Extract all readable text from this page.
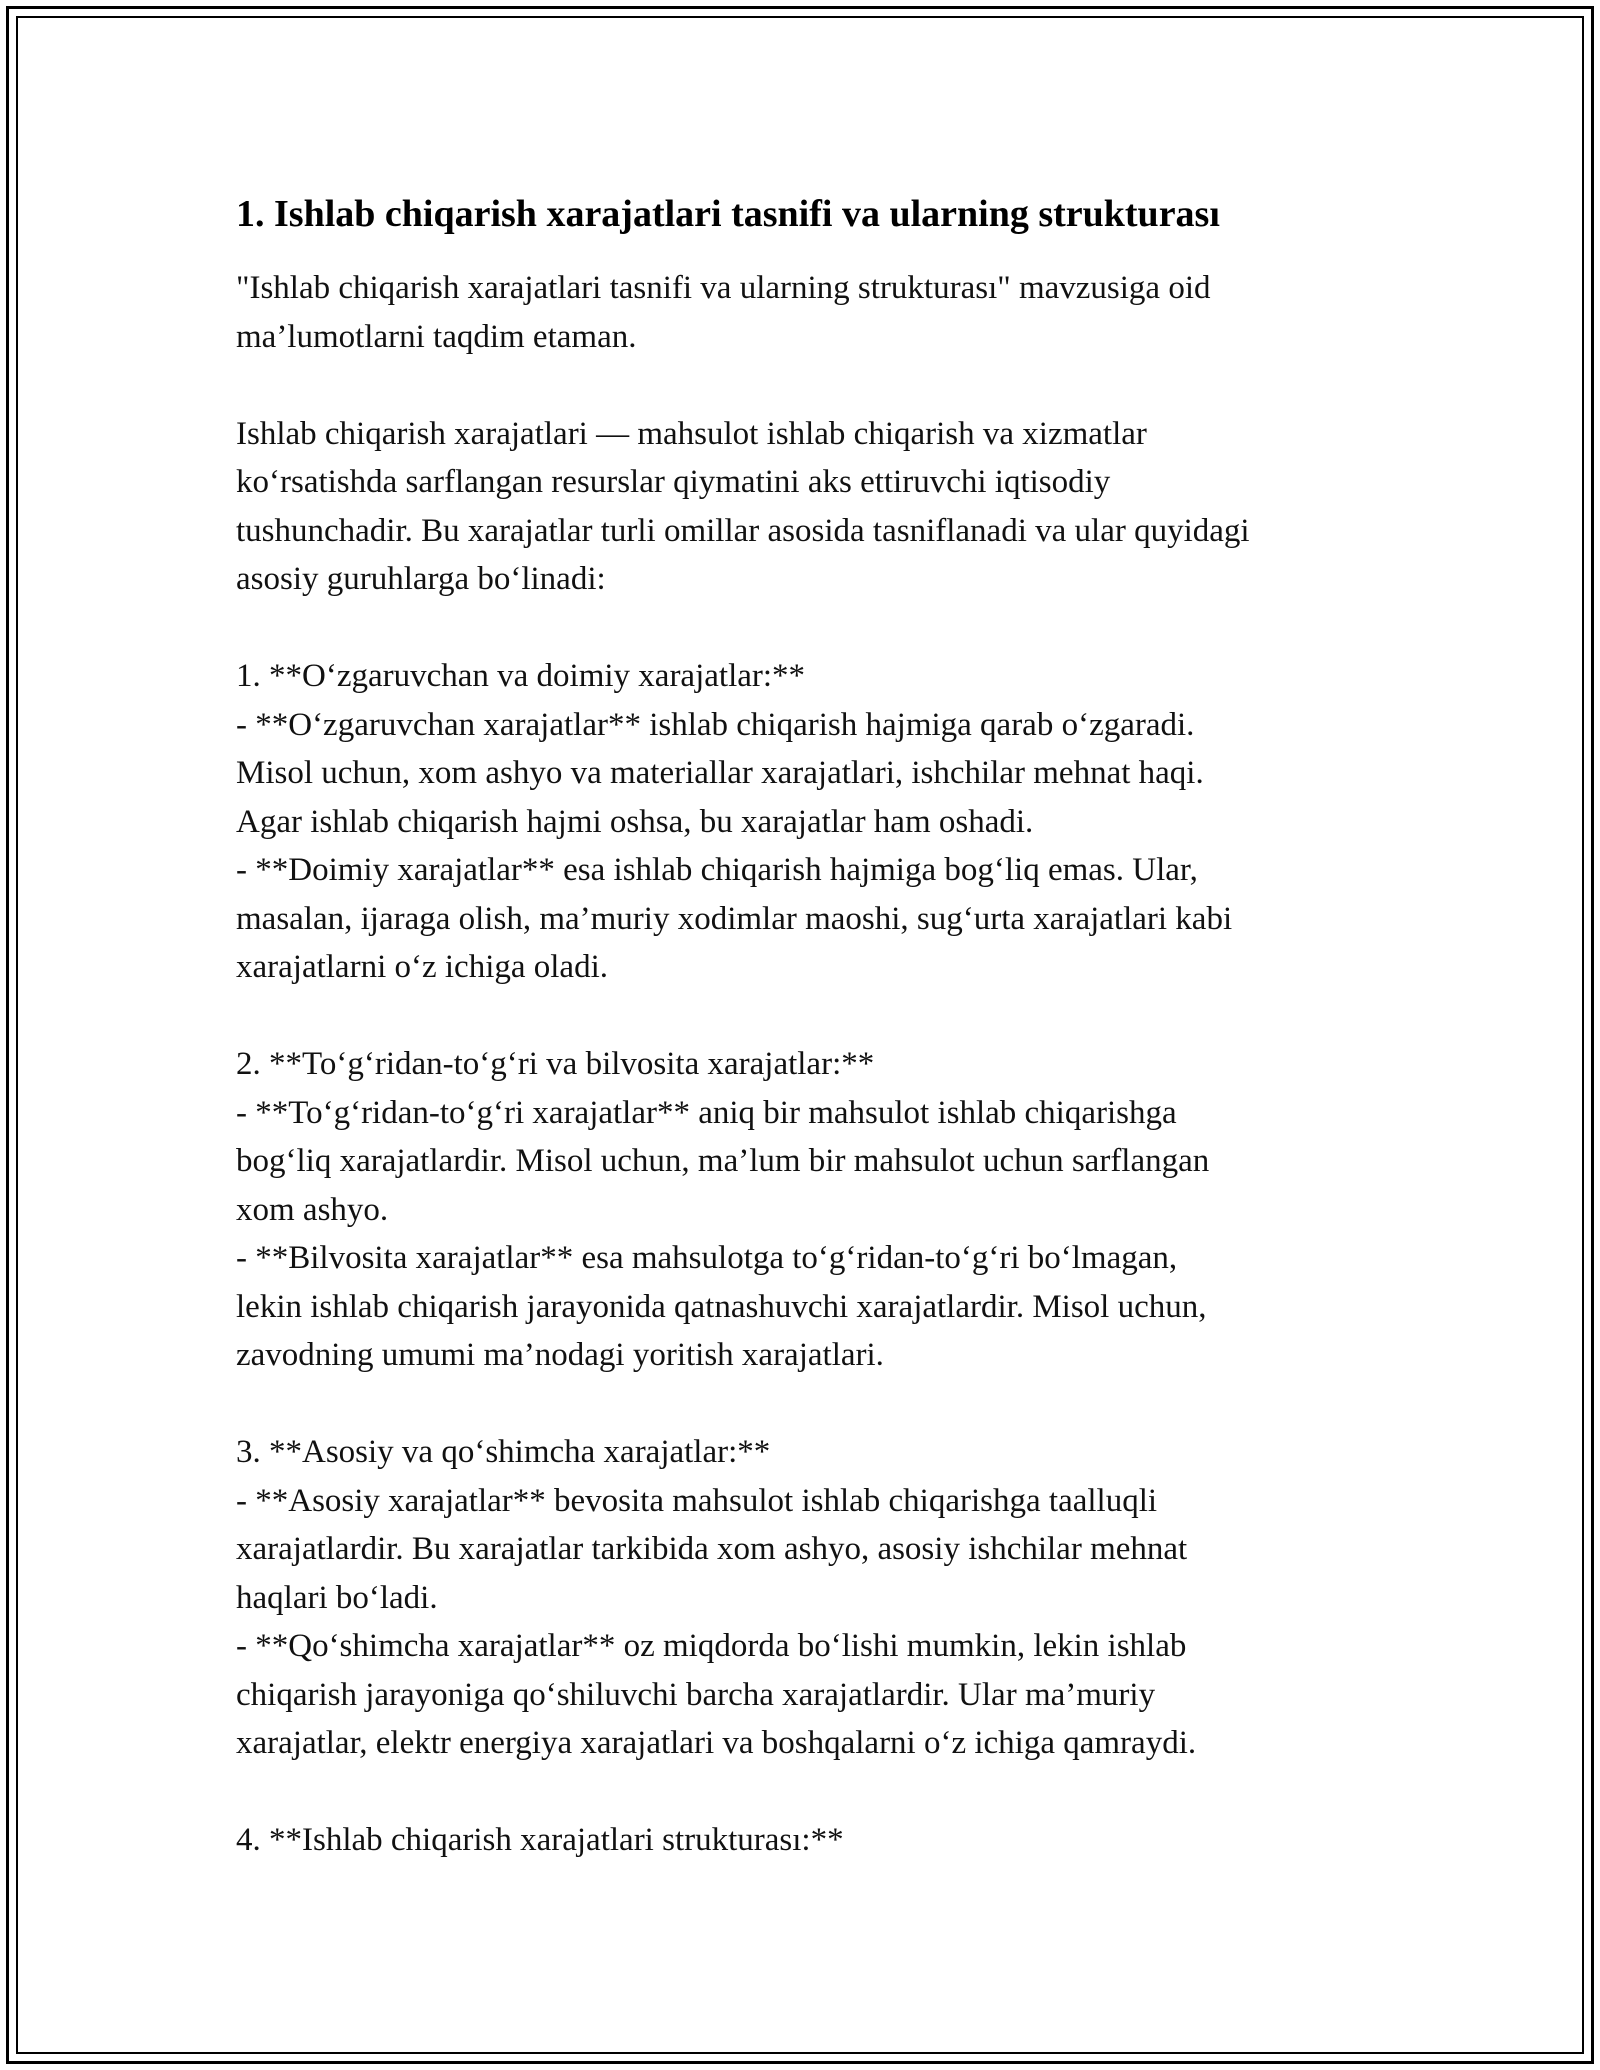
1. Ishlab chiqarish xarajatlari tasnifi va ularning strukturası

"Ishlab chiqarish xarajatlari tasnifi va ularning strukturası" mavzusiga oid
ma’lumotlarni taqdim etaman.

Ishlab chiqarish xarajatlari — mahsulot ishlab chiqarish va xizmatlar
koʻrsatishda sarflangan resurslar qiymatini aks ettiruvchi iqtisodiy
tushunchadir. Bu xarajatlar turli omillar asosida tasniflanadi va ular quyidagi
asosiy guruhlarga boʻlinadi:

1. **Oʻzgaruvchan va doimiy xarajatlar:**
- **Oʻzgaruvchan xarajatlar** ishlab chiqarish hajmiga qarab oʻzgaradi.
Misol uchun, xom ashyo va materiallar xarajatlari, ishchilar mehnat haqi.
Agar ishlab chiqarish hajmi oshsa, bu xarajatlar ham oshadi.
- **Doimiy xarajatlar** esa ishlab chiqarish hajmiga bogʻliq emas. Ular,
masalan, ijaraga olish, ma’muriy xodimlar maoshi, sugʻurta xarajatlari kabi
xarajatlarni oʻz ichiga oladi.

2. **Toʻgʻridan-toʻgʻri va bilvosita xarajatlar:**
- **Toʻgʻridan-toʻgʻri xarajatlar** aniq bir mahsulot ishlab chiqarishga
bogʻliq xarajatlardir. Misol uchun, ma’lum bir mahsulot uchun sarflangan
xom ashyo.
- **Bilvosita xarajatlar** esa mahsulotga toʻgʻridan-toʻgʻri boʻlmagan,
lekin ishlab chiqarish jarayonida qatnashuvchi xarajatlardir. Misol uchun,
zavodning umumi ma’nodagi yoritish xarajatlari.

3. **Asosiy va qoʻshimcha xarajatlar:**
- **Asosiy xarajatlar** bevosita mahsulot ishlab chiqarishga taalluqli
xarajatlardir. Bu xarajatlar tarkibida xom ashyo, asosiy ishchilar mehnat
haqlari boʻladi.
- **Qoʻshimcha xarajatlar** oz miqdorda boʻlishi mumkin, lekin ishlab
chiqarish jarayoniga qoʻshiluvchi barcha xarajatlardir. Ular ma’muriy
xarajatlar, elektr energiya xarajatlari va boshqalarni oʻz ichiga qamraydi.

4. **Ishlab chiqarish xarajatlari strukturası:**
